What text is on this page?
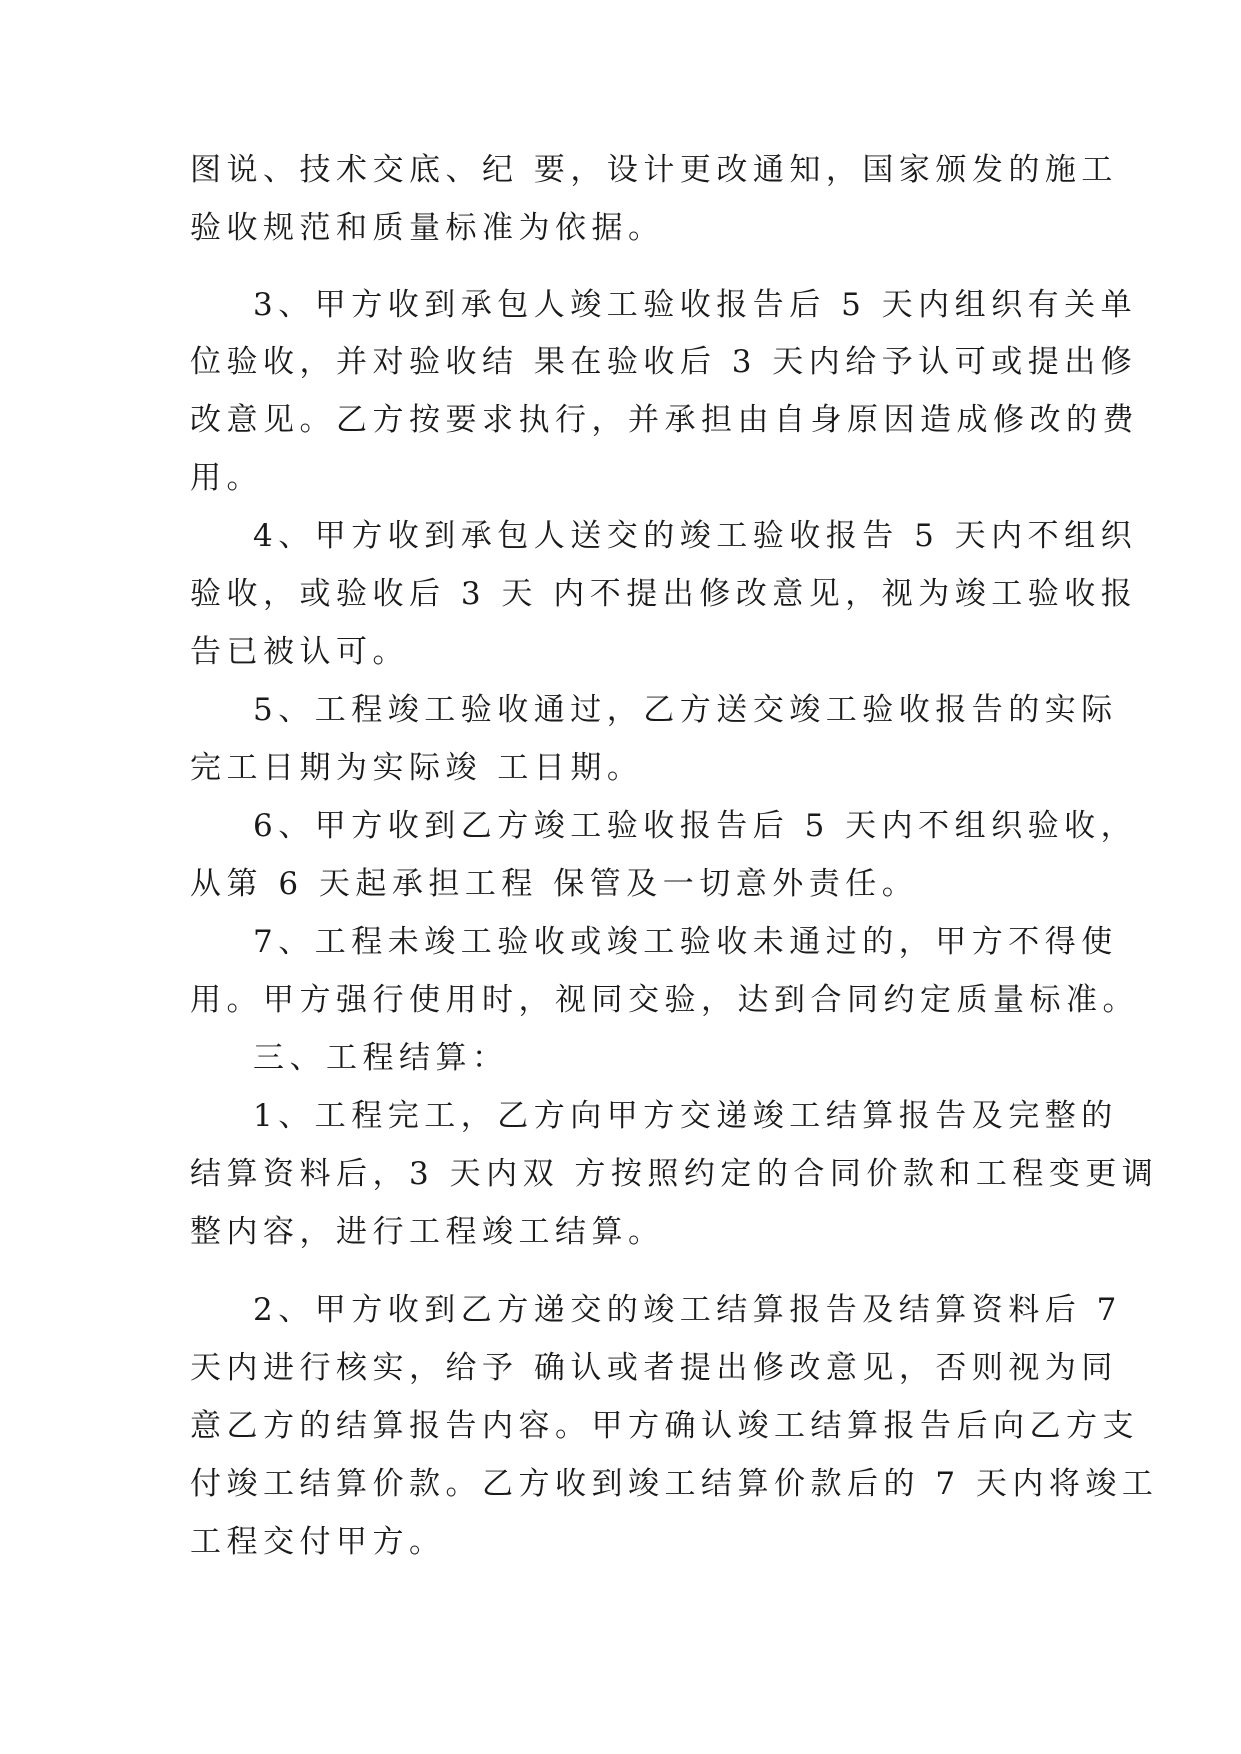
图说、技术交底、纪 要，设计更改通知，国家颁发的施工
验收规范和质量标准为依据。
3、甲方收到承包人竣工验收报告后 5 天内组织有关单
位验收，并对验收结 果在验收后 3 天内给予认可或提出修
改意见。乙方按要求执行，并承担由自身原因造成修改的费
用。
4、甲方收到承包人送交的竣工验收报告 5 天内不组织
验收，或验收后 3 天 内不提出修改意见，视为竣工验收报
告已被认可。
5、工程竣工验收通过，乙方送交竣工验收报告的实际
完工日期为实际竣 工日期。
6、甲方收到乙方竣工验收报告后 5 天内不组织验收，
从第 6 天起承担工程 保管及一切意外责任。
7、工程未竣工验收或竣工验收未通过的，甲方不得使
用。甲方强行使用时，视同交验，达到合同约定质量标准。
三、工程结算：
1、工程完工，乙方向甲方交递竣工结算报告及完整的
结算资料后，3 天内双 方按照约定的合同价款和工程变更调
整内容，进行工程竣工结算。
2、甲方收到乙方递交的竣工结算报告及结算资料后 7
天内进行核实，给予 确认或者提出修改意见，否则视为同
意乙方的结算报告内容。甲方确认竣工结算报告后向乙方支
付竣工结算价款。乙方收到竣工结算价款后的 7 天内将竣工
工程交付甲方。
